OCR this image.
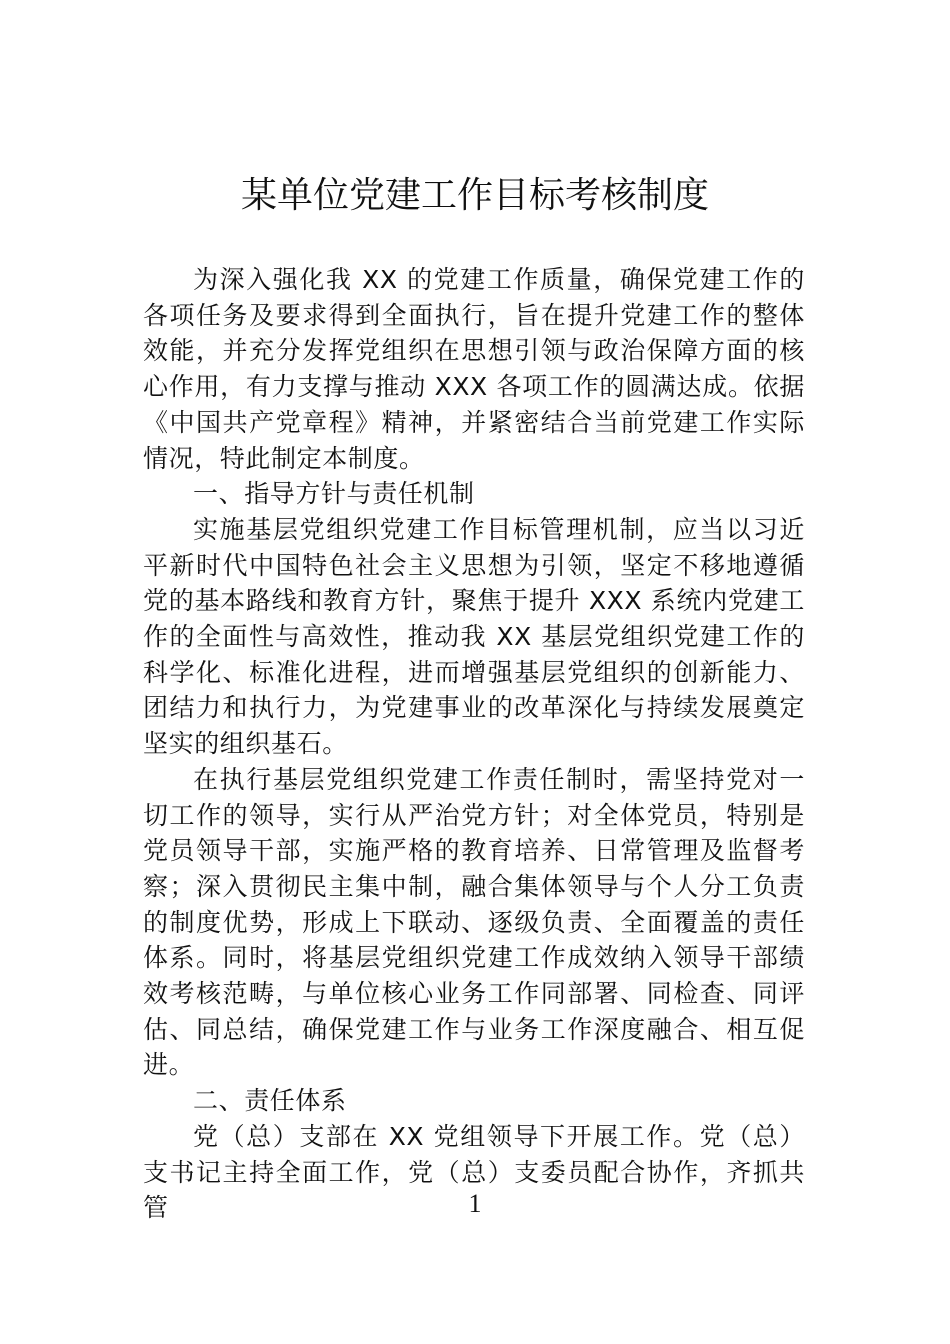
某单位党建工作目标考核制度

为深入强化我 XX 的党建工作质量，确保党建工作的各项任务及要求得到全面执行，旨在提升党建工作的整体效能，并充分发挥党组织在思想引领与政治保障方面的核心作用，有力支撑与推动 XXX 各项工作的圆满达成。依据《中国共产党章程》精神，并紧密结合当前党建工作实际情况，特此制定本制度。

一、指导方针与责任机制

实施基层党组织党建工作目标管理机制，应当以习近平新时代中国特色社会主义思想为引领，坚定不移地遵循党的基本路线和教育方针，聚焦于提升 XXX 系统内党建工作的全面性与高效性，推动我 XX 基层党组织党建工作的科学化、标准化进程，进而增强基层党组织的创新能力、团结力和执行力，为党建事业的改革深化与持续发展奠定坚实的组织基石。

在执行基层党组织党建工作责任制时，需坚持党对一切工作的领导，实行从严治党方针；对全体党员，特别是党员领导干部，实施严格的教育培养、日常管理及监督考察；深入贯彻民主集中制，融合集体领导与个人分工负责的制度优势，形成上下联动、逐级负责、全面覆盖的责任体系。同时，将基层党组织党建工作成效纳入领导干部绩效考核范畴，与单位核心业务工作同部署、同检查、同评估、同总结，确保党建工作与业务工作深度融合、相互促进。

二、责任体系

党（总）支部在 XX 党组领导下开展工作。党（总）支书记主持全面工作，党（总）支委员配合协作，齐抓共管	1
